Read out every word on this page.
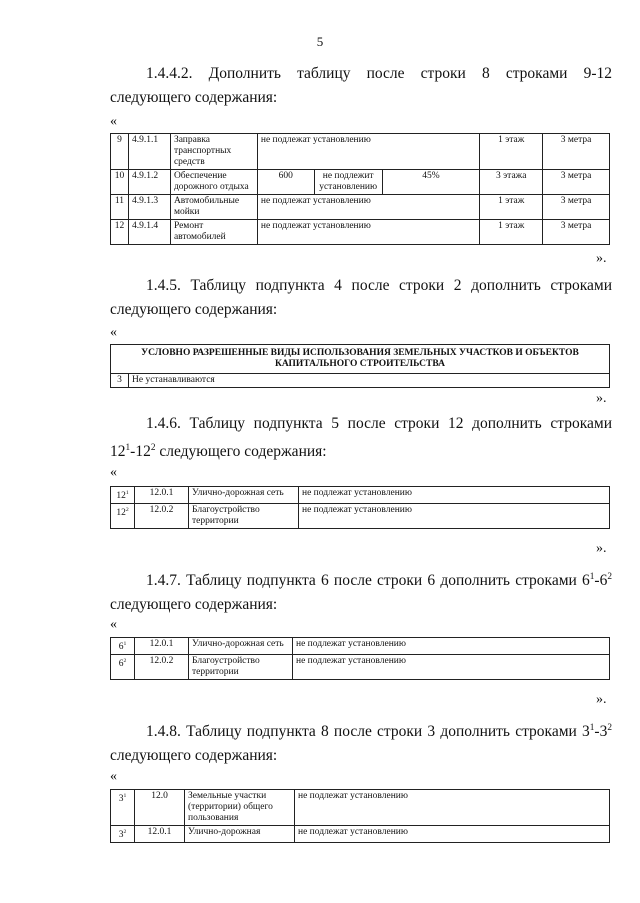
5
1.4.4.2. Дополнить таблицу после строки 8 строками 9-12
следующего содержания:
«
9	4.9.1.1	Заправка транспортных средств	не подлежат установлению			1 этаж	3 метра
10	4.9.1.2	Обеспечение дорожного отдыха	600	не подлежит установлению	45%	3 этажа	3 метра
11	4.9.1.3	Автомобильные мойки	не подлежат установлению			1 этаж	3 метра
12	4.9.1.4	Ремонт автомобилей	не подлежат установлению			1 этаж	3 метра
».
1.4.5. Таблицу подпункта 4 после строки 2 дополнить строками
следующего содержания:
«
УСЛОВНО РАЗРЕШЕННЫЕ ВИДЫ ИСПОЛЬЗОВАНИЯ ЗЕМЕЛЬНЫХ УЧАСТКОВ И ОБЪЕКТОВ КАПИТАЛЬНОГО СТРОИТЕЛЬСТВА
3	Не устанавливаются
».
1.4.6. Таблицу подпункта 5 после строки 12 дополнить строками
$12^1-12^2$ следующего содержания:
«
$12^1$	12.0.1	Улично-дорожная сеть	не подлежат установлению
$12^2$	12.0.2	Благоустройство территории	не подлежат установлению
».
1.4.7. Таблицу подпункта 6 после строки 6 дополнить строками $6^1-6^2$
следующего содержания:
«
$6^1$	12.0.1	Улично-дорожная сеть	не подлежат установлению
$6^2$	12.0.2	Благоустройство территории	не подлежат установлению
».
1.4.8. Таблицу подпункта 8 после строки 3 дополнить строками $3^1-3^2$
следующего содержания:
«
$3^1$	12.0	Земельные участки (территории) общего пользования	не подлежат установлению
$3^2$	12.0.1	Улично-дорожная	не подлежат установлению
